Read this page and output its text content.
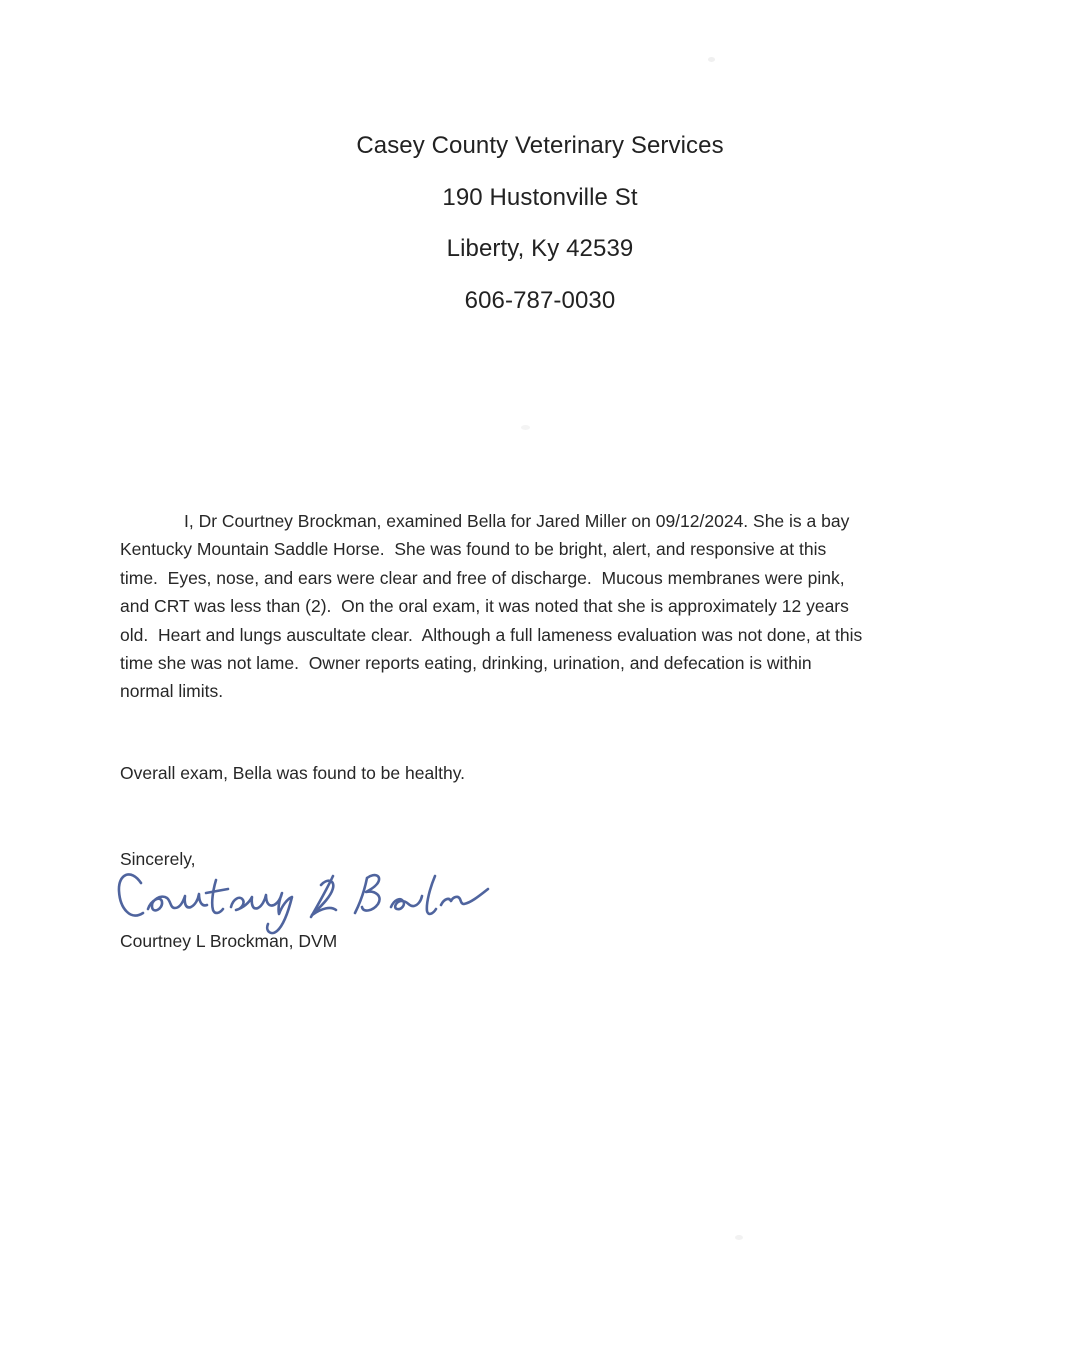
Casey County Veterinary Services
190 Hustonville St
Liberty, Ky 42539
606-787-0030
I, Dr Courtney Brockman, examined Bella for Jared Miller on 09/12/2024. She is a bay
Kentucky Mountain Saddle Horse.  She was found to be bright, alert, and responsive at this
time.  Eyes, nose, and ears were clear and free of discharge.  Mucous membranes were pink,
and CRT was less than (2).  On the oral exam, it was noted that she is approximately 12 years
old.  Heart and lungs auscultate clear.  Although a full lameness evaluation was not done, at this
time she was not lame.  Owner reports eating, drinking, urination, and defecation is within
normal limits.
Overall exam, Bella was found to be healthy.
Sincerely,
Courtney L Brockman, DVM
